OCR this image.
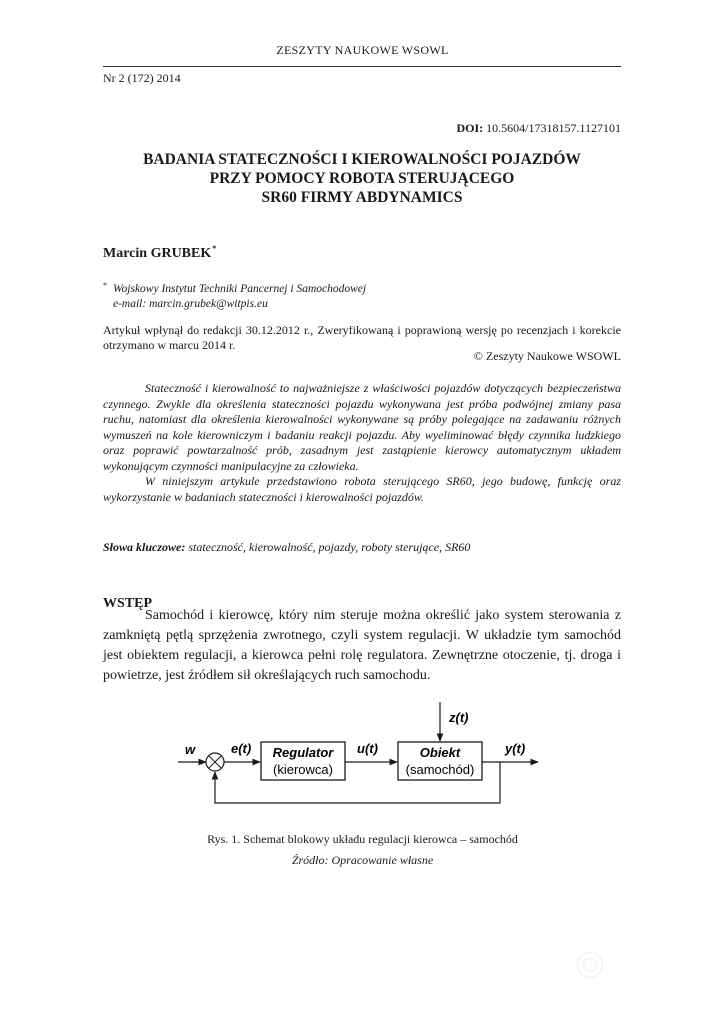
ZESZYTY NAUKOWE WSOWL
Nr 2 (172) 2014
DOI: 10.5604/17318157.1127101
BADANIA STATECZNOŚCI I KIEROWALNOŚCI POJAZDÓW
PRZY POMOCY ROBOTA STERUJĄCEGO
SR60 FIRMY ABDYNAMICS
Marcin GRUBEK*
* Wojskowy Instytut Techniki Pancernej i Samochodowej
e-mail: marcin.grubek@witpis.eu
Artykuł wpłynął do redakcji 30.12.2012 r., Zweryfikowaną i poprawioną wersję po recenzjach i korekcie otrzymano w marcu 2014 r.
© Zeszyty Naukowe WSOWL

Stateczność i kierowalność to najważniejsze z właściwości pojazdów dotyczących bezpieczeństwa czynnego. Zwykle dla określenia stateczności pojazdu wykonywana jest próba podwójnej zmiany pasa ruchu, natomiast dla określenia kierowalności wykonywane są próby polegające na zadawaniu różnych wymuszeń na kole kierowniczym i badaniu reakcji pojazdu. Aby wyeliminować błędy czynnika ludzkiego oraz poprawić powtarzalność prób, zasadnym jest zastąpienie kierowcy automatycznym układem wykonującym czynności manipulacyjne za człowieka.

W niniejszym artykule przedstawiono robota sterującego SR60, jego budowę, funkcję oraz wykorzystanie w badaniach stateczności i kierowalności pojazdów.

Słowa kluczowe: stateczność, kierowalność, pojazdy, roboty sterujące, SR60
WSTĘP

Samochód i kierowcę, który nim steruje można określić jako system sterowania z zamkniętą pętlą sprzężenia zwrotnego, czyli system regulacji. W układzie tym samochód jest obiektem regulacji, a kierowca pełni rolę regulatora. Zewnętrzne otoczenie, tj. droga i powietrze, jest źródłem sił określających ruch samochodu.

w	e(t) Regulator
(kierowca)
u(t)	Obiekt
(samochód)
z(t)
y(t)
Rys. 1. Schemat blokowy układu regulacji kierowca – samochód
Źródło: Opracowanie własne
